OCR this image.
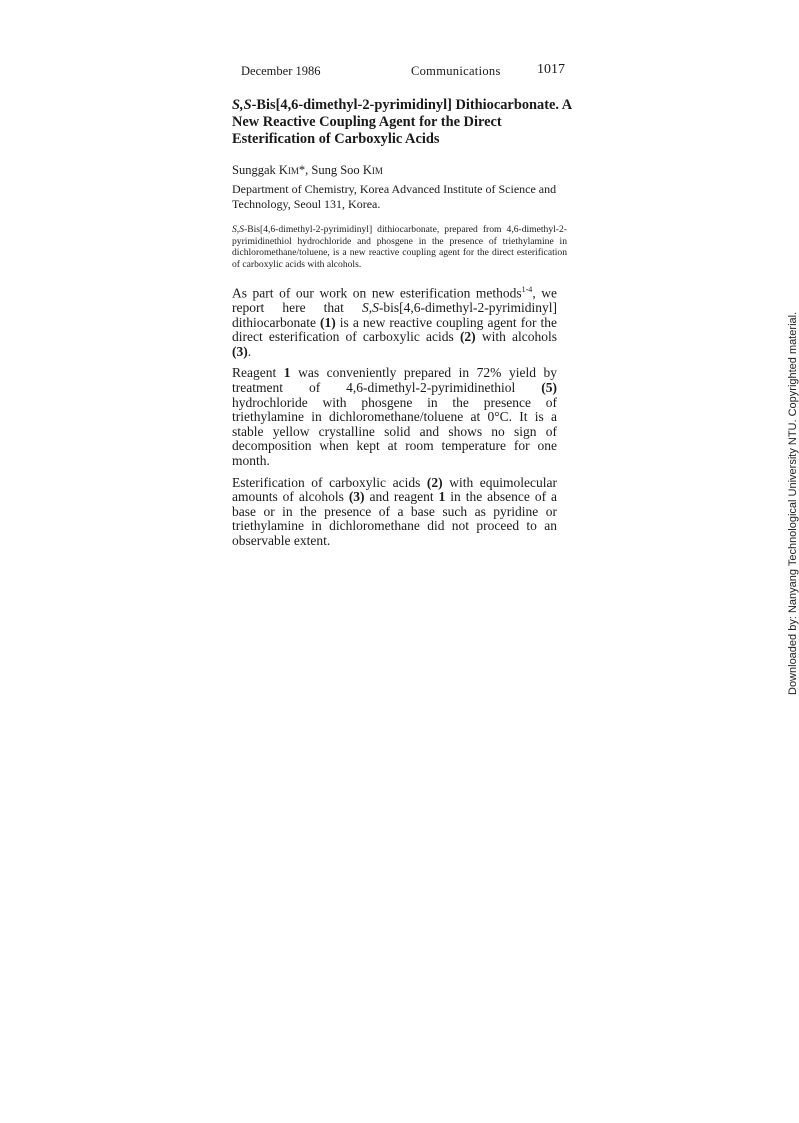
December 1986	Communications	1017
S,S-Bis[4,6-dimethyl-2-pyrimidinyl] Dithiocarbonate. A New Reactive Coupling Agent for the Direct Esterification of Carboxylic Acids
Sunggak Kim*, Sung Soo Kim
Department of Chemistry, Korea Advanced Institute of Science and Technology, Seoul 131, Korea.
S,S-Bis[4,6-dimethyl-2-pyrimidinyl] dithiocarbonate, prepared from 4,6-dimethyl-2-pyrimidinethiol hydrochloride and phosgene in the presence of triethylamine in dichloromethane/toluene, is a new reactive coupling agent for the direct esterification of carboxylic acids with alcohols.

As part of our work on new esterification methods$^{1-4}$, we report here that S,S-bis[4,6-dimethyl-2-pyrimidinyl] dithiocarbonate (1) is a new reactive coupling agent for the direct esterification of carboxylic acids (2) with alcohols (3).

Reagent 1 was conveniently prepared in 72% yield by treatment of 4,6-dimethyl-2-pyrimidinethiol (5) hydrochloride with phosgene in the presence of triethylamine in dichloromethane/toluene at 0°C. It is a stable yellow crystalline solid and shows no sign of decomposition when kept at room temperature for one month.

Esterification of carboxylic acids (2) with equimolecular amounts of alcohols (3) and reagent 1 in the absence of a base or in the presence of a base such as pyridine or triethylamine in dichloromethane did not proceed to an observable extent.	Downloaded by: Nanyang Technological University NTU. Copyrighted material.
